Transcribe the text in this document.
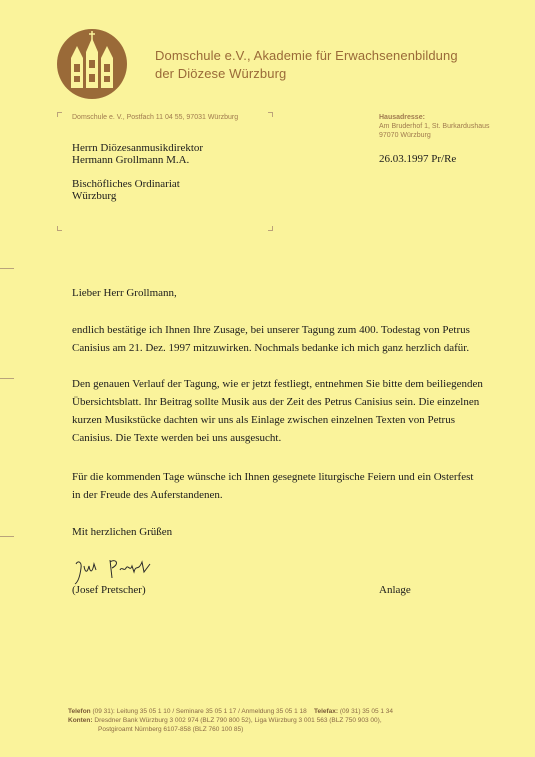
Domschule e.V., Akademie für Erwachsenenbildung
der Diözese Würzburg
Domschule e. V., Postfach 11 04 55, 97031 Würzburg	Hausadresse:
Am Bruderhof 1, St. Burkardushaus
97070 Würzburg
Herrn Diözesanmusikdirektor
Hermann Grollmann M.A.
Bischöfliches Ordinariat
Würzburg
26.03.1997 Pr/Re
Lieber Herr Grollmann,
endlich bestätige ich Ihnen Ihre Zusage, bei unserer Tagung zum 400. Todestag von Petrus Canisius am 21. Dez. 1997 mitzuwirken. Nochmals bedanke ich mich ganz herzlich dafür.
Den genauen Verlauf der Tagung, wie er jetzt festliegt, entnehmen Sie bitte dem beiliegenden Übersichtsblatt. Ihr Beitrag sollte Musik aus der Zeit des Petrus Canisius sein. Die einzelnen kurzen Musikstücke dachten wir uns als Einlage zwischen einzelnen Texten von Petrus Canisius. Die Texte werden bei uns ausgesucht.
Für die kommenden Tage wünsche ich Ihnen gesegnete liturgische Feiern und ein Osterfest in der Freude des Auferstandenen.
Mit herzlichen Grüßen
(Josef Pretscher)	Anlage
Telefon (09 31): Leitung 35 05 1 10 / Seminare 35 05 1 17 / Anmeldung 35 05 1 18 Telefax: (09 31) 35 05 1 34
Konten: Dresdner Bank Würzburg 3 002 974 (BLZ 790 800 52), Liga Würzburg 3 001 563 (BLZ 750 903 00),
Postgiroamt Nürnberg 6107-858 (BLZ 760 100 85)
